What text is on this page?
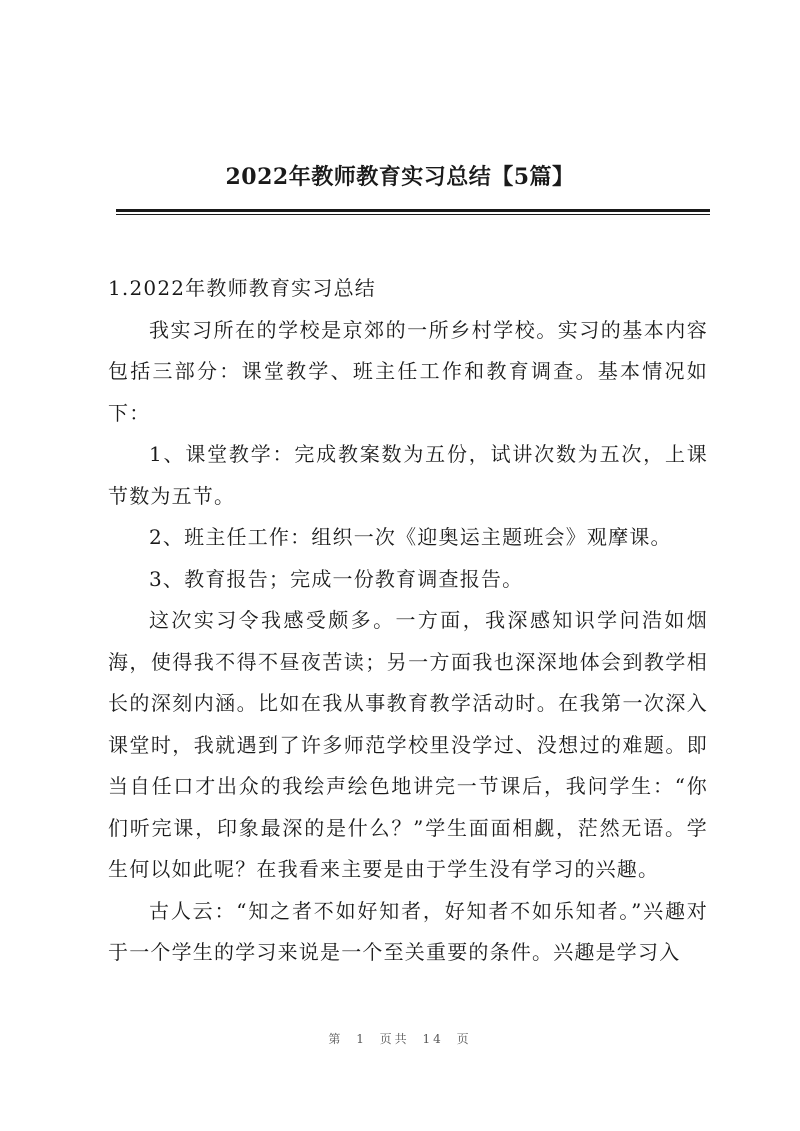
2022年教师教育实习总结【5篇】

1.2022年教师教育实习总结

我实习所在的学校是京郊的一所乡村学校。实习的基本内容包括三部分：课堂教学、班主任工作和教育调查。基本情况如下：

1、课堂教学：完成教案数为五份，试讲次数为五次，上课节数为五节。

2、班主任工作：组织一次《迎奥运主题班会》观摩课。

3、教育报告；完成一份教育调查报告。

这次实习令我感受颇多。一方面，我深感知识学问浩如烟海，使得我不得不昼夜苦读；另一方面我也深深地体会到教学相长的深刻内涵。比如在我从事教育教学活动时。在我第一次深入课堂时，我就遇到了许多师范学校里没学过、没想过的难题。即当自任口才出众的我绘声绘色地讲完一节课后，我问学生：“你们听完课，印象最深的是什么？”学生面面相觑，茫然无语。学生何以如此呢？在我看来主要是由于学生没有学习的兴趣。

古人云：“知之者不如好知者，好知者不如乐知者。”兴趣对于一个学生的学习来说是一个至关重要的条件。兴趣是学习入

第 1 页共 14 页
